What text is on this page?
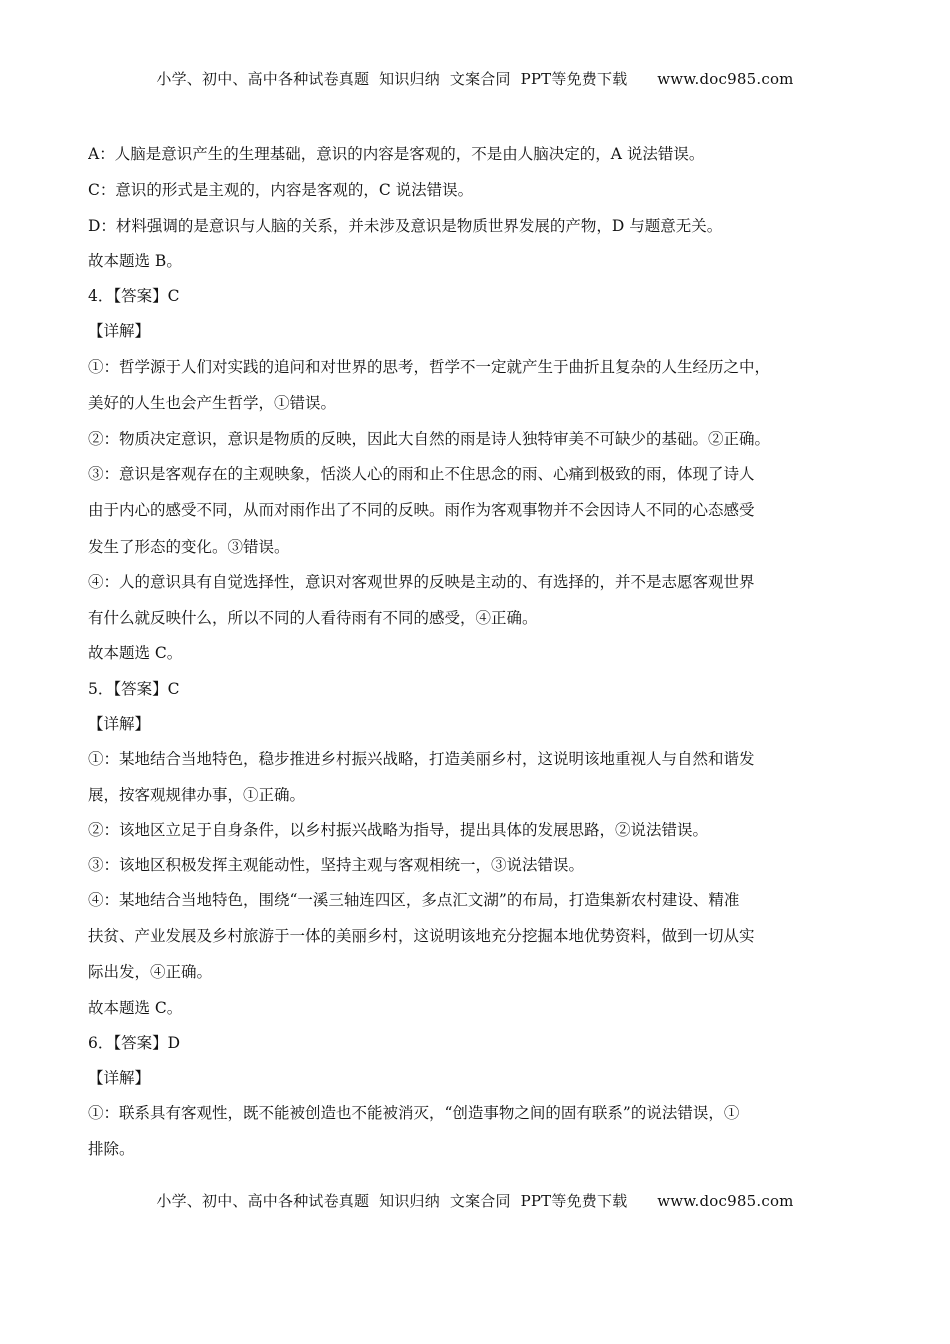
小学、初中、高中各种试卷真题  知识归纳  文案合同  PPT等免费下载      www.doc985.com
A：人脑是意识产生的生理基础，意识的内容是客观的，不是由人脑决定的，A 说法错误。
C：意识的形式是主观的，内容是客观的，C 说法错误。
D：材料强调的是意识与人脑的关系，并未涉及意识是物质世界发展的产物，D 与题意无关。
故本题选 B。
4．【答案】C
【详解】
①：哲学源于人们对实践的追问和对世界的思考，哲学不一定就产生于曲折且复杂的人生经历之中，
美好的人生也会产生哲学，①错误。
②：物质决定意识，意识是物质的反映，因此大自然的雨是诗人独特审美不可缺少的基础。②正确。
③：意识是客观存在的主观映象，恬淡人心的雨和止不住思念的雨、心痛到极致的雨，体现了诗人
由于内心的感受不同，从而对雨作出了不同的反映。雨作为客观事物并不会因诗人不同的心态感受
发生了形态的变化。③错误。
④：人的意识具有自觉选择性，意识对客观世界的反映是主动的、有选择的，并不是志愿客观世界
有什么就反映什么，所以不同的人看待雨有不同的感受，④正确。
故本题选 C。
5．【答案】C
【详解】
①：某地结合当地特色，稳步推进乡村振兴战略，打造美丽乡村，这说明该地重视人与自然和谐发
展，按客观规律办事，①正确。
②：该地区立足于自身条件，以乡村振兴战略为指导，提出具体的发展思路，②说法错误。
③：该地区积极发挥主观能动性，坚持主观与客观相统一，③说法错误。
④：某地结合当地特色，围绕“一溪三轴连四区，多点汇文湖”的布局，打造集新农村建设、精准
扶贫、产业发展及乡村旅游于一体的美丽乡村，这说明该地充分挖掘本地优势资料，做到一切从实
际出发，④正确。
故本题选 C。
6．【答案】D
【详解】
①：联系具有客观性，既不能被创造也不能被消灭，“创造事物之间的固有联系”的说法错误，①
排除。
小学、初中、高中各种试卷真题  知识归纳  文案合同  PPT等免费下载      www.doc985.com
